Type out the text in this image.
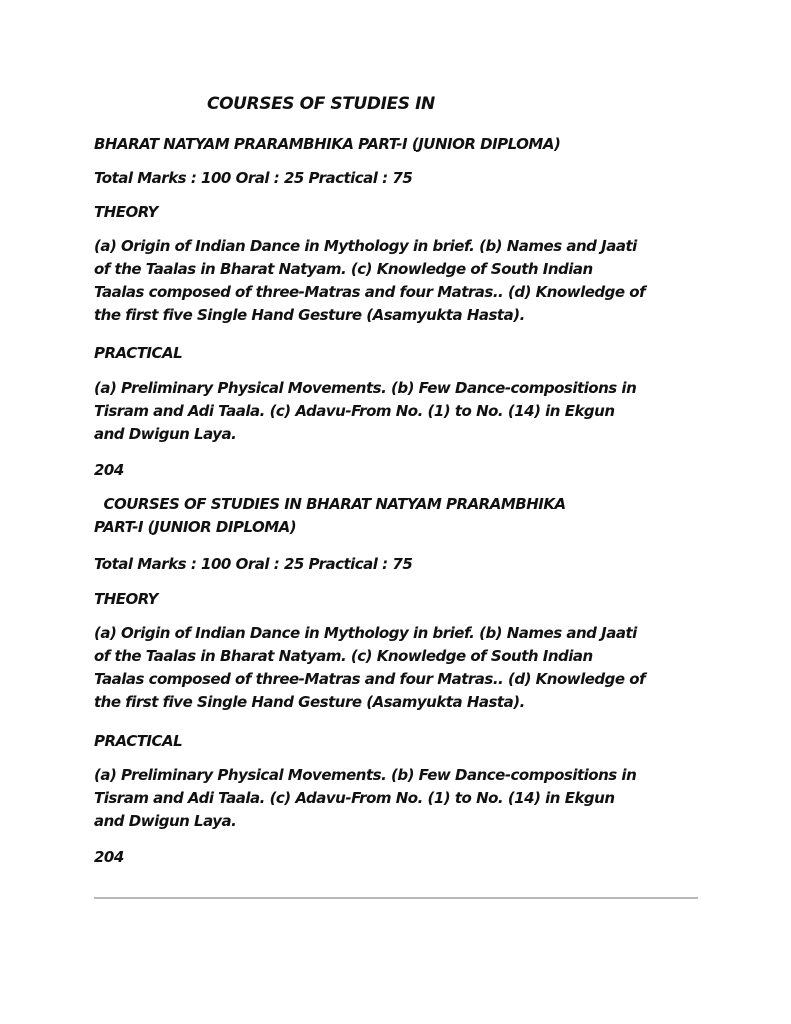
COURSES OF STUDIES IN
BHARAT NATYAM PRARAMBHIKA PART-I (JUNIOR DIPLOMA)
Total Marks : 100 Oral : 25 Practical : 75
THEORY
(a) Origin of Indian Dance in Mythology in brief. (b) Names and Jaati
of the Taalas in Bharat Natyam. (c) Knowledge of South Indian
Taalas composed of three-Matras and four Matras.. (d) Knowledge of
the first five Single Hand Gesture (Asamyukta Hasta).
PRACTICAL
(a) Preliminary Physical Movements. (b) Few Dance-compositions in
Tisram and Adi Taala. (c) Adavu-From No. (1) to No. (14) in Ekgun
and Dwigun Laya.
204
COURSES OF STUDIES IN BHARAT NATYAM PRARAMBHIKA
PART-I (JUNIOR DIPLOMA)
Total Marks : 100 Oral : 25 Practical : 75
THEORY
(a) Origin of Indian Dance in Mythology in brief. (b) Names and Jaati
of the Taalas in Bharat Natyam. (c) Knowledge of South Indian
Taalas composed of three-Matras and four Matras.. (d) Knowledge of
the first five Single Hand Gesture (Asamyukta Hasta).
PRACTICAL
(a) Preliminary Physical Movements. (b) Few Dance-compositions in
Tisram and Adi Taala. (c) Adavu-From No. (1) to No. (14) in Ekgun
and Dwigun Laya.
204
